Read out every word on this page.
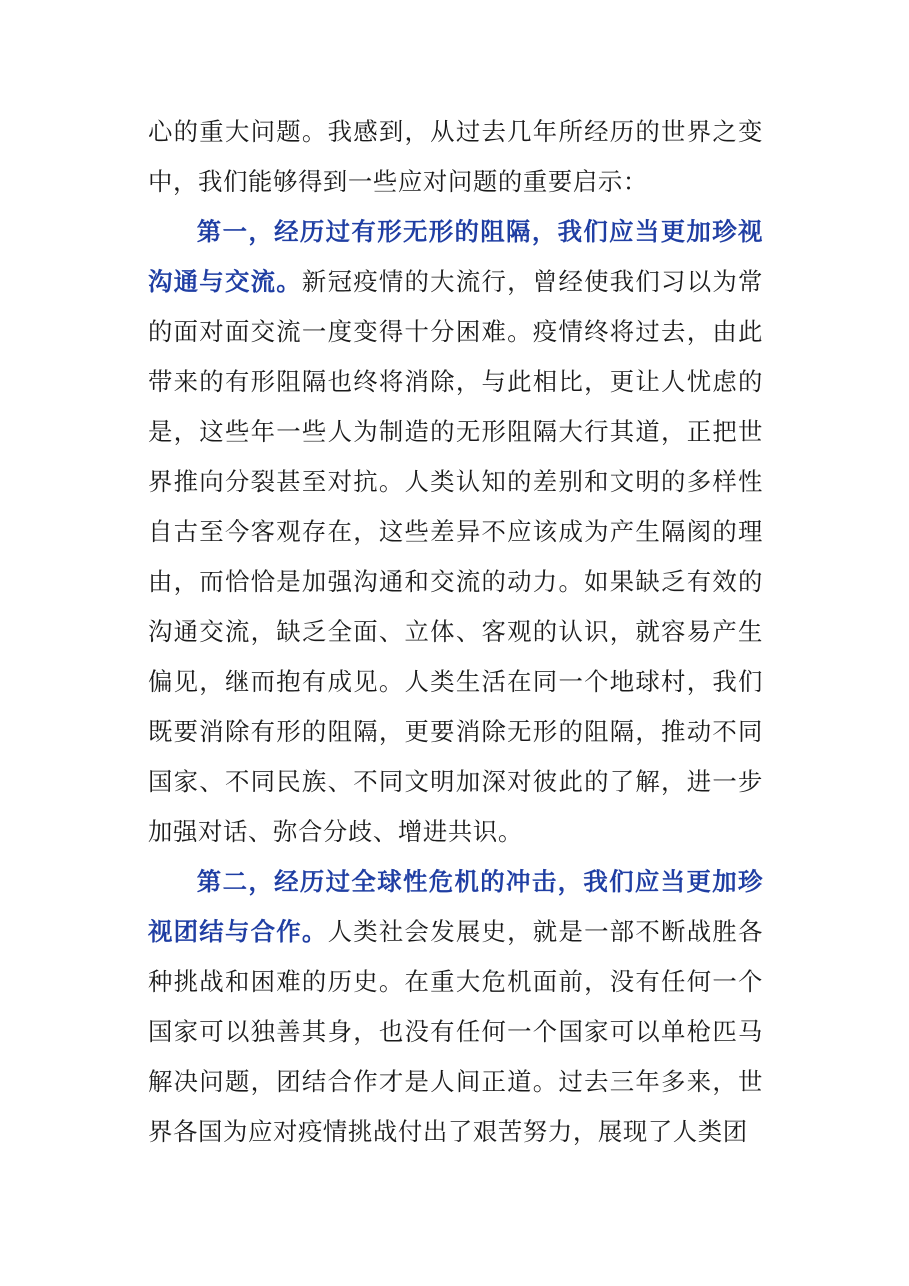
心的重大问题。我感到，从过去几年所经历的世界之变中，我们能够得到一些应对问题的重要启示：

第一，经历过有形无形的阻隔，我们应当更加珍视沟通与交流。新冠疫情的大流行，曾经使我们习以为常的面对面交流一度变得十分困难。疫情终将过去，由此带来的有形阻隔也终将消除，与此相比，更让人忧虑的是，这些年一些人为制造的无形阻隔大行其道，正把世界推向分裂甚至对抗。人类认知的差别和文明的多样性自古至今客观存在，这些差异不应该成为产生隔阂的理由，而恰恰是加强沟通和交流的动力。如果缺乏有效的沟通交流，缺乏全面、立体、客观的认识，就容易产生偏见，继而抱有成见。人类生活在同一个地球村，我们既要消除有形的阻隔，更要消除无形的阻隔，推动不同国家、不同民族、不同文明加深对彼此的了解，进一步加强对话、弥合分歧、增进共识。

第二，经历过全球性危机的冲击，我们应当更加珍视团结与合作。人类社会发展史，就是一部不断战胜各种挑战和困难的历史。在重大危机面前，没有任何一个国家可以独善其身，也没有任何一个国家可以单枪匹马解决问题，团结合作才是人间正道。过去三年多来，世界各国为应对疫情挑战付出了艰苦努力，展现了人类团
